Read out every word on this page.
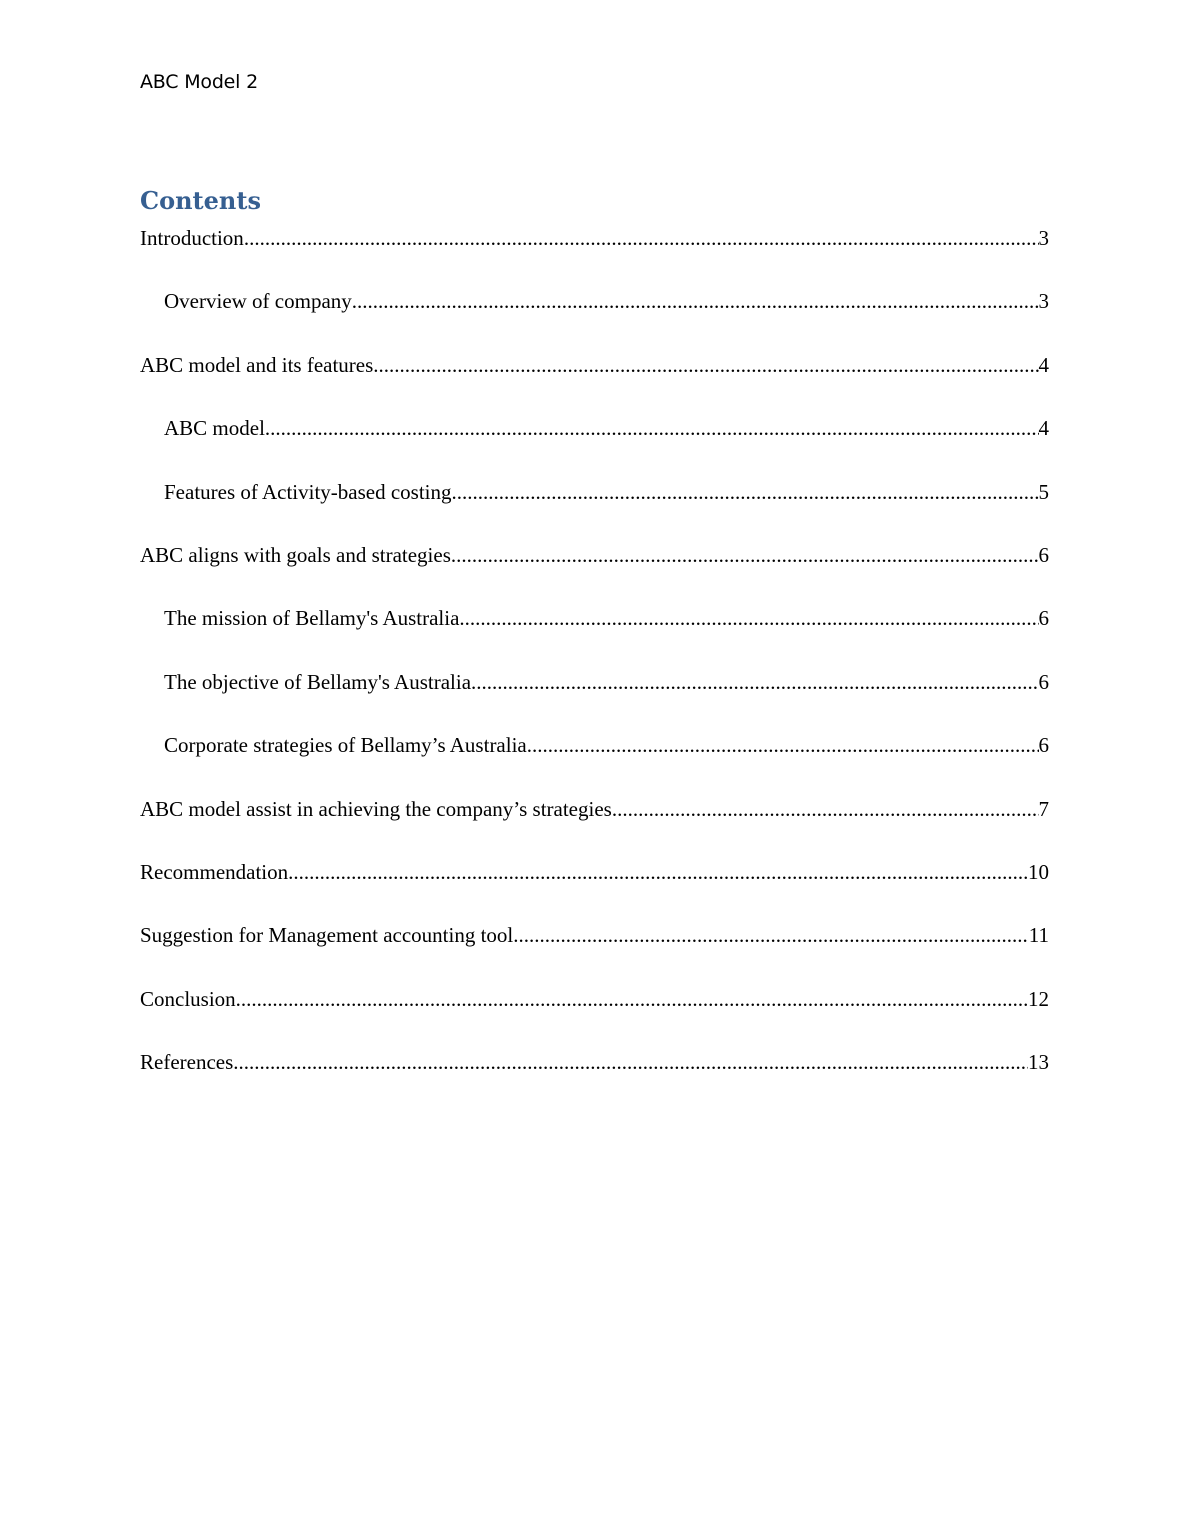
ABC Model 2
Contents
Introduction .....	3
Overview of company .....	3
ABC model and its features .....	4
ABC model .....	4
Features of Activity-based costing .....	5
ABC aligns with goals and strategies .....	6
The mission of Bellamy's Australia .....	6
The objective of Bellamy's Australia .....	6
Corporate strategies of Bellamy’s Australia .....	6
ABC model assist in achieving the company’s strategies .....	7
Recommendation .....	10
Suggestion for Management accounting tool .....	11
Conclusion .....	12
References .....	13
